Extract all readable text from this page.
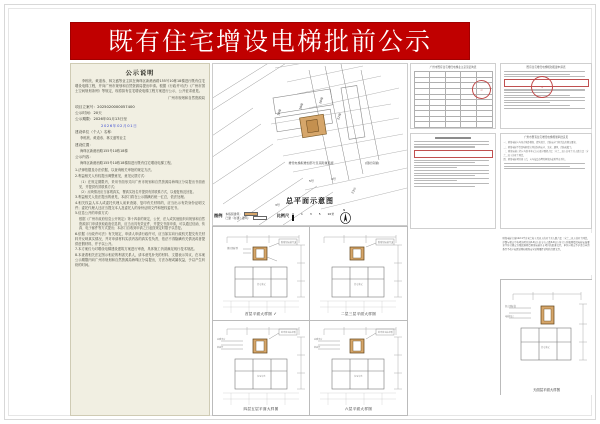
既有住宅增设电梯批前公示
公示说明

李栋欣、黄道寿、林文盛等业主拟在海珠区新港西路155号10栋18梯进行既有住宅增设电梯工程，并向广州市规划和自然资源局提出申请。根据《行政许可法》《广州市国土空间规划条例》等规定，现将拟有住宅增设电梯工程方案进行公示，公开征求意见。

广州市规划和自然资源局
项目立案号：2025020000057400
公示时间：20天
公示期限：2026年01月13日至
2026年02月01日
建设单位（个人）名称：
李栋欣、黄道寿、林文盛等业主
建设位置：
海珠区新港西路155号10栋18梯
公示内容：
海珠区新港西路155号10栋18梯拟进行既有住宅增设电梯工程。
1.法律依据及办法依据，以查询相关审批的规定方法。
2.利益相关人有权提出调整意见，意见反馈方式：
（1）在规定期限内，采用书面形式向广州市规划和自然资源局海珠区分局提出书面意见，并提供有效联系方式；
（2）反映情况应当客观真实，署真实姓名并提供有效联系方式，以便复核及回复。
3.利益相关人依法提出的意见，本部门将在公示期满后统一汇总，依法处理。
4.相关权益人本人或委托代理人前来查阅、复印有关材料的，应当出示有效身份证明文件；委托代理人还应当提交本人及委托人的身份证明文件和授权委托书。
5.信息公开的申请方式：
根据《广州市政府信息公开规定》第十四条的规定，公民、法人或其他组织向规划和自然资源部门申请获取政府信息的，应当出具有效证件，并提交书面申请，可以通过信函、传真、电子邮件等方式提出；本部门自收到申请之日起按规定时限予以答复。
6.依据《行政许可法》有关规定，申请人申请行政许可，应当如实向行政机关提交有关材料并反映真实情况，并对申请材料实质内容的真实性负责，依法不得隐瞒有关情况或者提供虚假材料，并予以公开。
7.本方案仅为对增设电梯建设建筑方案进行审查，具体施工仍须满足现行技术规范。
8.本查看相关法定图示相应的利害关系人，请本意见补充的材料、文据表示异议，在本案公示期限内向广州市规划和自然资源局海珠区分局提出，方法办理或属权益，予以产生纠纷的时间。
增设电梯拟增加部分及其附属连廊	(现状房屋)
18梯
19梯
20梯
21梯
5号	4号
3号
23号
总平面示意图
图例 本栋拟建筑：
已建（存建）建筑：	比例尺 0 1 3 5 10米
N
现状楼梯间
拟增设电梯井道
住宅单元
首层平面大样图 ✓
拟增设电梯井道
住宅单元
二层三层平面大样图
连廊平台
候梯厅
拟增设电梯井道
住宅单元
四层五层平面大样图
连廊平台
候梯厅
拟增设电梯井道
住宅单元
六层平面大样图
广州市既有住宅增设电梯业主意见征询表

印
既有住宅增设电梯规划报建申请表
章
广州市既有住宅增设电梯规划审批意见

一、增设电梯应当符合城乡规划、建筑设计、消防安全等相关技术规范要求。

二、增设电梯不得影响相邻房屋的结构安全、采光、通风、消防疏散等。

三、增设电梯工程应当经本单元专有部分面积占比三分之二以上的业主且人数占比三分之二以上的业主同意。

四、增设电梯项目竣工后，应当依法办理特种设备使用登记手续。

增设电梯占地112.1平方米之和上及以上的业主且人数占比三分之二以上的业主同意。详细与规定中各项的项目的X-X以上的专有人数X-X以上符合上列表明报批电梯安装要求不符合规定方案批准同意增设电梯且在项目的批准文件。单位应明定不予进行申请条件不动产权属证明和规划安全证明要件证明的书面文件。

机房顶标高
电梯机房
住宅单元
天面层平面大样图
